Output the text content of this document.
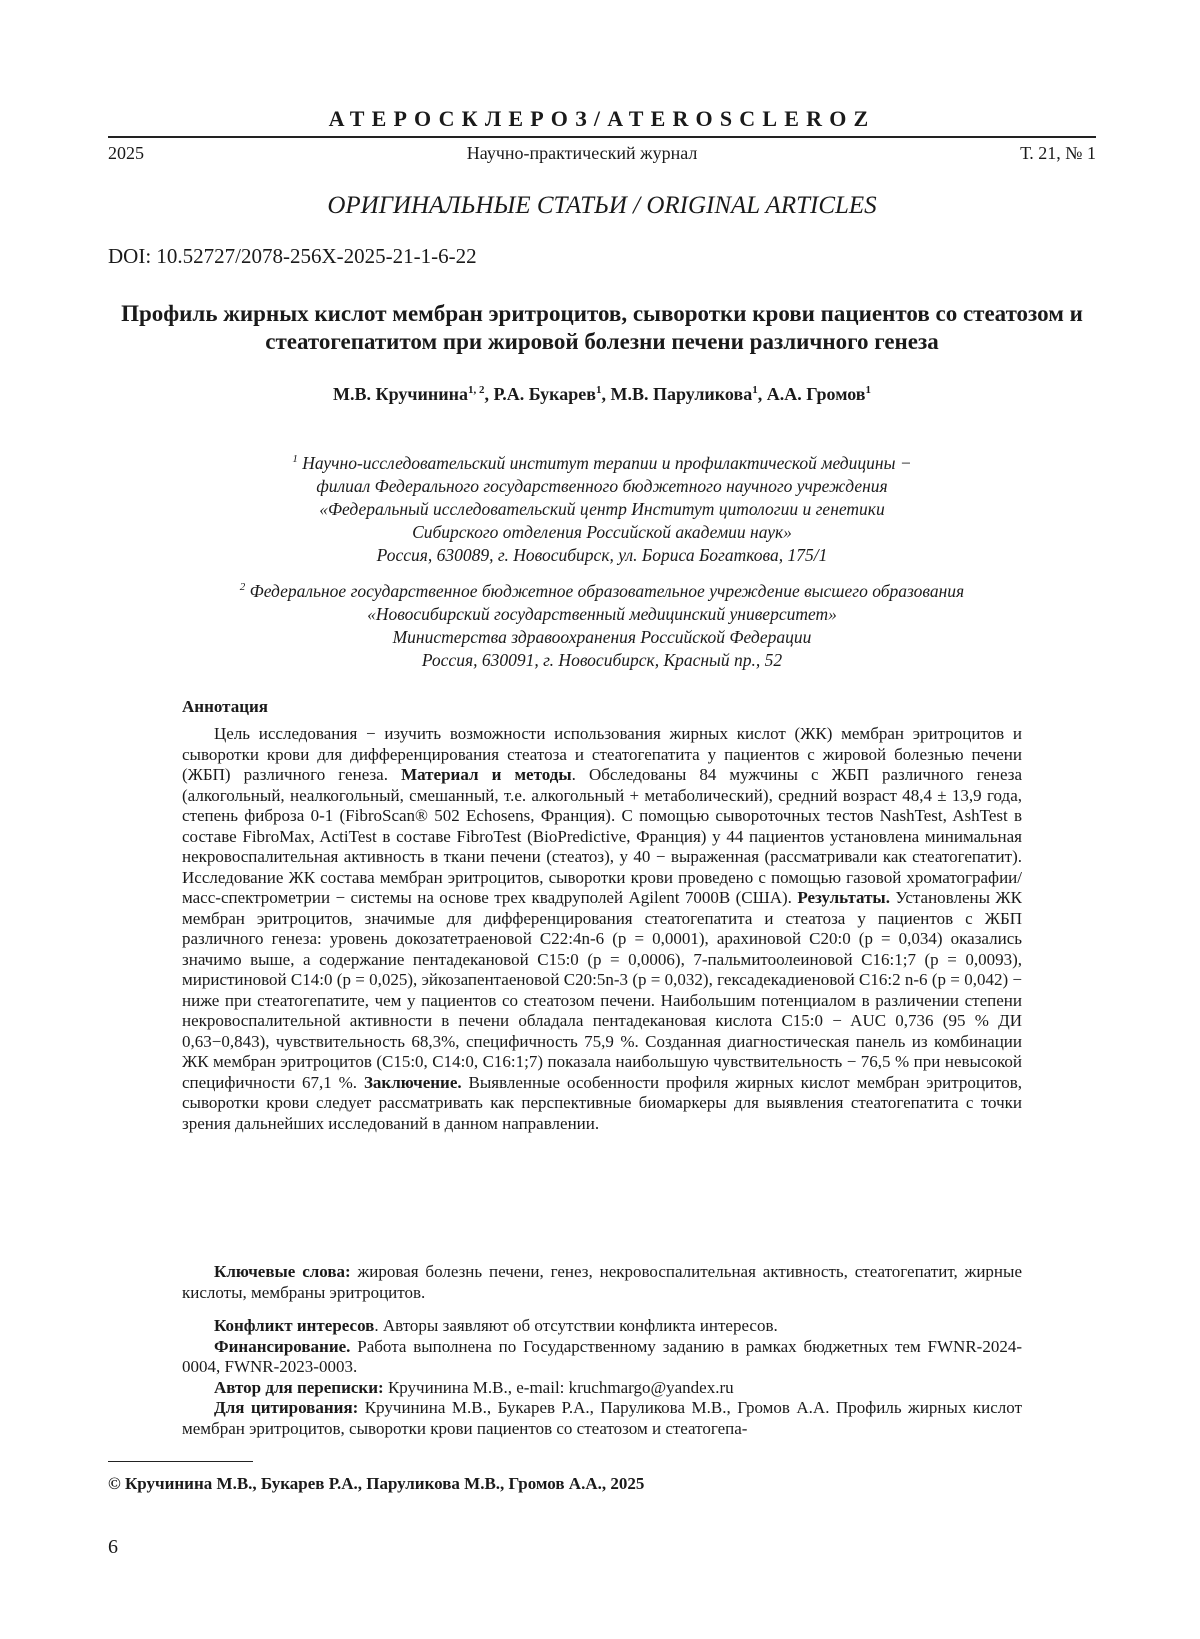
АТЕРОСКЛЕРОЗ/ATEROSCLEROZ
2025	Научно-практический журнал	Т. 21, № 1
ОРИГИНАЛЬНЫЕ СТАТЬИ / ORIGINAL ARTICLES
DOI: 10.52727/2078-256X-2025-21-1-6-22
Профиль жирных кислот мембран эритроцитов, сыворотки крови пациентов со стеатозом и стеатогепатитом при жировой болезни печени различного генеза
М.В. Кручинина1, 2, Р.А. Букарев1, М.В. Паруликова1, А.А. Громов1
1 Научно-исследовательский институт терапии и профилактической медицины −
филиал Федерального государственного бюджетного научного учреждения
«Федеральный исследовательский центр Институт цитологии и генетики
Сибирского отделения Российской академии наук»
Россия, 630089, г. Новосибирск, ул. Бориса Богаткова, 175/1
2 Федеральное государственное бюджетное образовательное учреждение высшего образования
«Новосибирский государственный медицинский университет»
Министерства здравоохранения Российской Федерации
Россия, 630091, г. Новосибирск, Красный пр., 52
Аннотация
Цель исследования − изучить возможности использования жирных кислот (ЖК) мембран эритроцитов и сыворотки крови для дифференцирования стеатоза и стеатогепатита у пациентов с жировой болезнью печени (ЖБП) различного генеза. Материал и методы. Обследованы 84 мужчины с ЖБП различного генеза (алкогольный, неалкогольный, смешанный, т.е. алкогольный + метаболический), средний возраст 48,4 ± 13,9 года, степень фиброза 0-1 (FibroScan® 502 Echosens, Франция). С помощью сывороточных тестов NashTest, AshTest в составе FibroMax, ActiTest в составе FibroTest (BioPredictive, Франция) у 44 пациентов установлена минимальная некровоспалительная активность в ткани печени (стеатоз), у 40 − выраженная (рассматривали как стеатогепатит). Исследование ЖК состава мембран эритроцитов, сыворотки крови проведено с помощью газовой хроматографии/масс-спектрометрии − системы на основе трех квадруполей Agilent 7000B (США). Результаты. Установлены ЖК мембран эритроцитов, значимые для дифференцирования стеатогепатита и стеатоза у пациентов с ЖБП различного генеза: уровень докозатетраеновой C22:4n-6 (p = 0,0001), арахиновой C20:0 (p = 0,034) оказались значимо выше, а содержание пентадекановой C15:0 (p = 0,0006), 7-пальмитоолеиновой C16:1;7 (p = 0,0093), миристиновой C14:0 (p = 0,025), эйкозапентаеновой C20:5n-3 (p = 0,032), гексадекадиеновой C16:2 n-6 (p = 0,042) − ниже при стеатогепатите, чем у пациентов со стеатозом печени. Наибольшим потенциалом в различении степени некровоспалительной активности в печени обладала пентадекановая кислота C15:0 − AUC 0,736 (95 % ДИ 0,63−0,843), чувствительность 68,3%, специфичность 75,9 %. Созданная диагностическая панель из комбинации ЖК мембран эритроцитов (C15:0, C14:0, C16:1;7) показала наибольшую чувствительность − 76,5 % при невысокой специфичности 67,1 %. Заключение. Выявленные особенности профиля жирных кислот мембран эритроцитов, сыворотки крови следует рассматривать как перспективные биомаркеры для выявления стеатогепатита с точки зрения дальнейших исследований в данном направлении.
Ключевые слова: жировая болезнь печени, генез, некровоспалительная активность, стеатогепатит, жирные кислоты, мембраны эритроцитов.

Конфликт интересов. Авторы заявляют об отсутствии конфликта интересов.

Финансирование. Работа выполнена по Государственному заданию в рамках бюджетных тем FWNR-2024-0004, FWNR-2023-0003.

Автор для переписки: Кручинина М.В., e-mail: kruchmargo@yandex.ru

Для цитирования: Кручинина М.В., Букарев Р.А., Паруликова М.В., Громов А.А. Профиль жирных кислот мембран эритроцитов, сыворотки крови пациентов со стеатозом и стеатогепа-

© Кручинина М.В., Букарев Р.А., Паруликова М.В., Громов А.А., 2025
6
